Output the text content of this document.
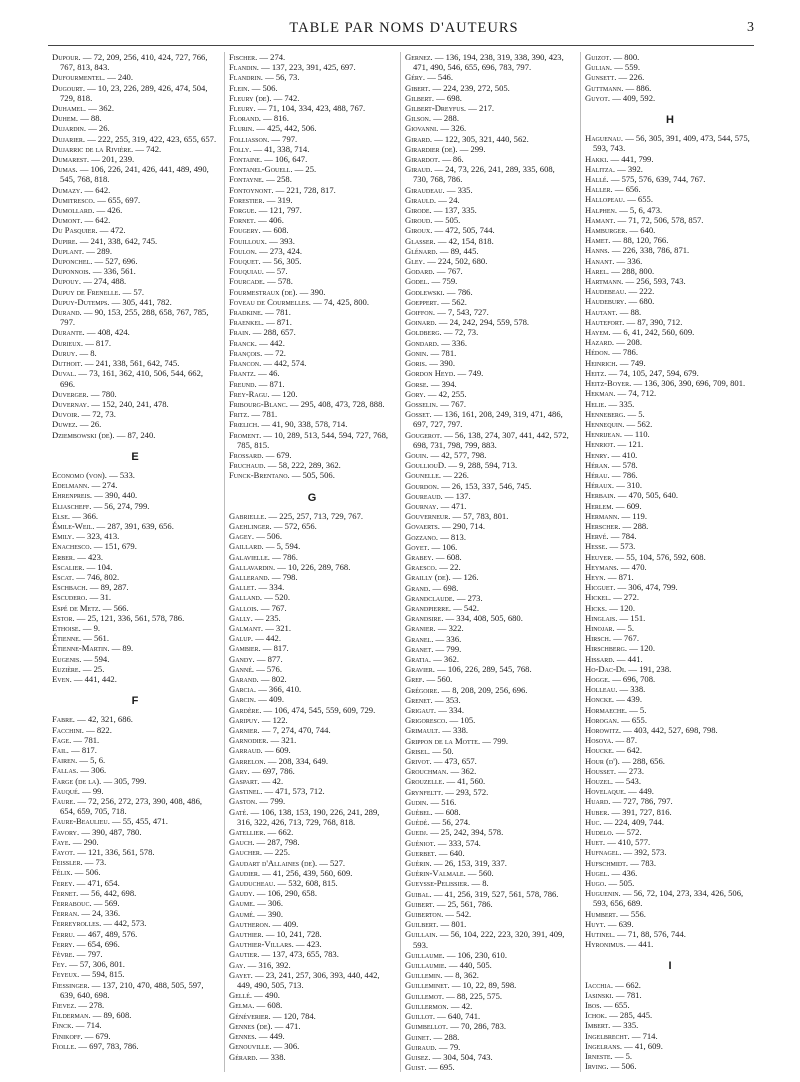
TABLE PAR NOMS D'AUTEURS	3

Dupour. — 72, 209, 256, 410, 424, 727, 766, 767, 813, 843.

Dufourmentel. — 240.

Dugourt. — 10, 23, 226, 289, 426, 474, 504, 729, 818.

Duhamel. — 362.

Duhem. — 88.

Dujardin. — 26.

Dujarier. — 222, 255, 319, 422, 423, 655, 657.

Dujarric de la Rivière. — 742.

Dumarest. — 201, 239.

Dumas. — 106, 226, 241, 426, 441, 489, 490, 545, 768, 818.

Dumazy. — 642.

Dumitresco. — 655, 697.

Dumollard. — 426.

Dumont. — 642.

Du Pasquier. — 472.

Dupire. — 241, 338, 642, 745.

Duplant. — 289.

Duponchel. — 527, 696.

Duponnois. — 336, 561.

Dupouy. — 274, 488.

Dupuy de Frenelle. — 57.

Dupuy-Dutemps. — 305, 441, 782.

Durand. — 90, 153, 255, 288, 658, 767, 785, 797.

Durante. — 408, 424.

Durieux. — 817.

Duruy. — 8.

Duthoit. — 241, 338, 561, 642, 745.

Duval. — 73, 161, 362, 410, 506, 544, 662, 696.

Duverger. — 780.

Duvernay. — 152, 240, 241, 478.

Duvoir. — 72, 73.

Duwez. — 26.

Dziembowski (de). — 87, 240.

E

Economo (von). — 533.

Edelmann. — 274.

Ehrenpreis. — 390, 440.

Eliascheff. — 56, 274, 799.

Else. — 366.

Émile-Weil. — 287, 391, 639, 656.

Emily. — 323, 413.

Enachesco. — 151, 679.

Erber. — 423.

Escalier. — 104.

Escat. — 746, 802.

Eschbach. — 89, 287.

Escudero. — 31.

Espé de Metz. — 566.

Estor. — 25, 121, 336, 561, 578, 786.

Ethoise. — 9.

Étienne. — 561.

Étienne-Martin. — 89.

Eugenis. — 594.

Euzière. — 25.

Even. — 441, 442.

F

Fabre. — 42, 321, 686.

Facchini. — 822.

Fage. — 781.

Fail. — 817.

Fairen. — 5, 6.

Fallas. — 306.

Farge (de la). — 305, 799.

Fauqué. — 99.

Faure. — 72, 256, 272, 273, 390, 408, 486, 654, 659, 705, 718.

Faure-Beaulieu. — 55, 455, 471.

Favory. — 390, 487, 780.

Faye. — 290.

Fayot. — 121, 336, 561, 578.

Feissler. — 73.

Félix. — 506.

Ferey. — 471, 654.

Fernet. — 56, 442, 698.

Ferrabouc. — 569.

Ferran. — 24, 336.

Ferreyrolles. — 442, 573.

Ferru. — 467, 489, 576.

Ferry. — 654, 696.

Fèvre. — 797.

Fey. — 57, 306, 801.

Feyeux. — 594, 815.

Fiessinger. — 137, 210, 470, 488, 505, 597, 639, 640, 698.

Fievez. — 278.

Filderman. — 89, 608.

Finck. — 714.

Finikoff. — 679.

Fiolle. — 697, 783, 786.

Fischer. — 274.

Flandin. — 137, 223, 391, 425, 697.

Flandrin. — 56, 73.

Flein. — 506.

Fleury (de). — 742.

Fleury. — 71, 104, 334, 423, 488, 767.

Florand. — 816.

Flurin. — 425, 442, 506.

Folliasson. — 797.

Folly. — 41, 338, 714.

Fontaine. — 106, 647.

Fontanel-Gouell. — 25.

Fontayne. — 258.

Fontoynont. — 221, 728, 817.

Forestier. — 319.

Forgue. — 121, 797.

Fornet. — 406.

Fougery. — 608.

Fouilloux. — 393.

Foulon. — 273, 424.

Fouquet. — 56, 305.

Fouquiau. — 57.

Fourcade. — 578.

Fourmestraux (de). — 390.

Foveau de Courmelles. — 74, 425, 800.

Fradkine. — 781.

Fraenkel. — 871.

Frain. — 288, 657.

Franck. — 442.

François. — 72.

Francon. — 442, 574.

Frantz. — 46.

Freund. — 871.

Frey-Ragu. — 120.

Fribourg-Blanc. — 295, 408, 473, 728, 888.

Fritz. — 781.

Frœlich. — 41, 90, 338, 578, 714.

Froment. — 10, 289, 513, 544, 594, 727, 768, 785, 815.

Frossard. — 679.

Fruchaud. — 58, 222, 289, 362.

Funck-Brentano. — 505, 506.

G

Gabrielle. — 225, 257, 713, 729, 767.

Gaehlinger. — 572, 656.

Gagey. — 506.

Gaillard. — 5, 594.

Galavielle. — 786.

Gallavardin. — 10, 226, 289, 768.

Gallerand. — 798.

Gallet. — 334.

Galland. — 520.

Gallois. — 767.

Gally. — 235.

Galmant. — 321.

Galup. — 442.

Gambier. — 817.

Gandy. — 877.

Ganné. — 576.

Garand. — 802.

Garcia. — 366, 410.

Garcin. — 409.

Gardère. — 106, 474, 545, 559, 609, 729.

Garipuy. — 122.

Garnier. — 7, 274, 470, 744.

Garnodier. — 321.

Garraud. — 609.

Garrelon. — 208, 334, 649.

Gary. — 697, 786.

Gaspart. — 42.

Gastinel. — 471, 573, 712.

Gaston. — 799.

Gaté. — 106, 138, 153, 190, 226, 241, 289, 316, 322, 426, 713, 729, 768, 818.

Gatellier. — 662.

Gauch. — 287, 798.

Gaucher. — 225.

Gaudart d'Allaines (de). — 527.

Gaudier. — 41, 256, 439, 560, 609.

Gauducheau. — 532, 608, 815.

Gaudy. — 106, 290, 658.

Gaume. — 306.

Gaumé. — 390.

Gautheron. — 409.

Gauthier. — 10, 241, 728.

Gauthier-Villars. — 423.

Gautier. — 137, 473, 655, 783.

Gay. — 316, 392.

Gayet. — 23, 241, 257, 306, 393, 440, 442, 449, 490, 505, 713.

Gellé. — 490.

Gelma. — 608.

Généverier. — 120, 784.

Gennes (de). — 471.

Gennes. — 449.

Genouville. — 306.

Gérard. — 338.

Gernez. — 136, 194, 238, 319, 338, 390, 423, 471, 490, 546, 655, 696, 783, 797.

Géry. — 546.

Gibert. — 224, 239, 272, 505.

Gilbert. — 698.

Gilbert-Dreyfus. — 217.

Gilson. — 288.

Giovanni. — 326.

Girard. — 122, 305, 321, 440, 562.

Girardier (de). — 299.

Girardot. — 86.

Giraud. — 24, 73, 226, 241, 289, 335, 608, 730, 768, 786.

Giraudeau. — 335.

Girauld. — 24.

Girode. — 137, 335.

Giroud. — 505.

Giroux. — 472, 505, 744.

Glasser. — 42, 154, 818.

Glénard. — 89, 445.

Gley. — 224, 502, 680.

Godard. — 767.

Godel. — 759.

Godlewski. — 786.

Goeppert. — 562.

Goiffon. — 7, 543, 727.

Goinard. — 24, 242, 294, 559, 578.

Goldberg. — 72, 73.

Gondard. — 336.

Gonin. — 781.

Goris. — 390.

Gordon Heyd. — 749.

Gorse. — 394.

Gory. — 42, 255.

Gosselin. — 767.

Gosset. — 136, 161, 208, 249, 319, 471, 486, 697, 727, 797.

Gougerot. — 56, 138, 274, 307, 441, 442, 572, 698, 731, 798, 799, 883.

Gouin. — 42, 577, 798.

GoulliouD. — 9, 288, 594, 713.

Gounelle. — 226.

Gourdon. — 26, 153, 337, 546, 745.

Goureaud. — 137.

Gournay. — 471.

Gouverneur. — 57, 783, 801.

Govaerts. — 290, 714.

Gozzano. — 813.

Goyet. — 106.

Grabey. — 608.

Graesco. — 22.

Grailly (de). — 126.

Grand. — 698.

Grandclaude. — 273.

Grandpierre. — 542.

Grandsire. — 334, 408, 505, 680.

Granier. — 322.

Granel. — 336.

Granet. — 799.

Gratia. — 362.

Gravier. — 106, 226, 289, 545, 768.

Gref. — 560.

Grégoire. — 8, 208, 209, 256, 696.

Grenet. — 353.

Grigaut. — 334.

Grigoresco. — 105.

Grimault. — 338.

Grippon de la Motte. — 799.

Grisel. — 50.

Grivot. — 473, 657.

Grouchman. — 362.

Grouzelle. — 41, 560.

Grynfeltt. — 293, 572.

Gudin. — 516.

Guébel. — 608.

Guédé. — 56, 274.

Guedj. — 25, 242, 394, 578.

Guéniot. — 333, 574.

Guerbet. — 640.

Guérin. — 26, 153, 319, 337.

Guérin-Valmale. — 560.

Gueysse-Pelissier. — 8.

Guibal. — 41, 256, 319, 527, 561, 578, 786.

Guibert. — 25, 561, 786.

Guiberton. — 542.

Guilbert. — 801.

Guillain. — 56, 104, 222, 223, 320, 391, 409, 593.

Guillaume. — 106, 230, 610.

Guillaumie. — 440, 505.

Guillemin. — 8, 362.

Guilleminet. — 10, 22, 89, 598.

Guillemot. — 88, 225, 575.

Guillermon. — 42.

Guillot. — 640, 741.

Guimbellot. — 70, 286, 783.

Guinet. — 288.

Guiraud. — 79.

Guisez. — 304, 504, 743.

Guist. — 695.

Guizot. — 800.

Gulian. — 559.

Gunsett. — 226.

Guttmann. — 886.

Guyot. — 409, 592.

H

Haguenau. — 56, 305, 391, 409, 473, 544, 575, 593, 743.

Hakki. — 441, 799.

Halitza. — 392.

Hallé. — 575, 576, 639, 744, 767.

Haller. — 656.

Hallopeau. — 655.

Halphen. — 5, 6, 473.

Hamant. — 71, 72, 506, 578, 857.

Hamburger. — 640.

Hamet. — 88, 120, 766.

Hanns. — 226, 338, 786, 871.

Hanant. — 336.

Harel. — 288, 800.

Hartmann. — 256, 593, 743.

Haudebeau. — 222.

Haudebury. — 680.

Hautant. — 88.

Hautefort. — 87, 390, 712.

Hayem. — 6, 41, 242, 560, 609.

Hazard. — 208.

Hédon. — 786.

Heinrich. — 749.

Heitz. — 74, 105, 247, 594, 679.

Heitz-Boyer. — 136, 306, 390, 696, 709, 801.

Hekman. — 74, 712.

Helie. — 335.

Henneberg. — 5.

Hennequin. — 562.

Henrijean. — 110.

Henriot. — 121.

Henry. — 410.

Héran. — 578.

Hérau. — 786.

Héraux. — 310.

Herbain. — 470, 505, 640.

Herlem. — 609.

Hermann. — 119.

Herscher. — 288.

Hervé. — 784.

Hesse. — 573.

Heuyer. — 55, 104, 576, 592, 608.

Heymans. — 470.

Heyn. — 871.

Hicguet. — 306, 474, 799.

Hickel. — 272.

Hicks. — 120.

Hinglais. — 151.

Hinojar. — 5.

Hirsch. — 767.

Hirschberg. — 120.

Hissard. — 441.

Ho-Dac-Di. — 191, 238.

Hogge. — 696, 708.

Holleau. — 338.

Honcke. — 439.

Hormaeche. — 5.

Horogan. — 655.

Horowitz. — 403, 442, 527, 698, 798.

Hosoya. — 87.

Houcke. — 642.

Hour (d'). — 288, 656.

Housset. — 273.

Houzel. — 543.

Hovelaque. — 449.

Huard. — 727, 786, 797.

Huber. — 391, 727, 816.

Huc. — 224, 409, 744.

Hudelo. — 572.

Huet. — 410, 577.

Hufnagel. — 392, 573.

Hufschmidt. — 783.

Hugel. — 436.

Hugo. — 505.

Huguenin. — 56, 72, 104, 273, 334, 426, 506, 593, 656, 689.

Humbert. — 556.

Huyt. — 639.

Hutinel. — 71, 88, 576, 744.

Hyronimus. — 441.

I

Iacchia. — 662.

Iasinski. — 781.

Ibos. — 655.

Ichok. — 285, 445.

Imbert. — 335.

Ingelbrecht. — 714.

Ingelrans. — 41, 609.

Irneste. — 5.

Irving. — 506.
